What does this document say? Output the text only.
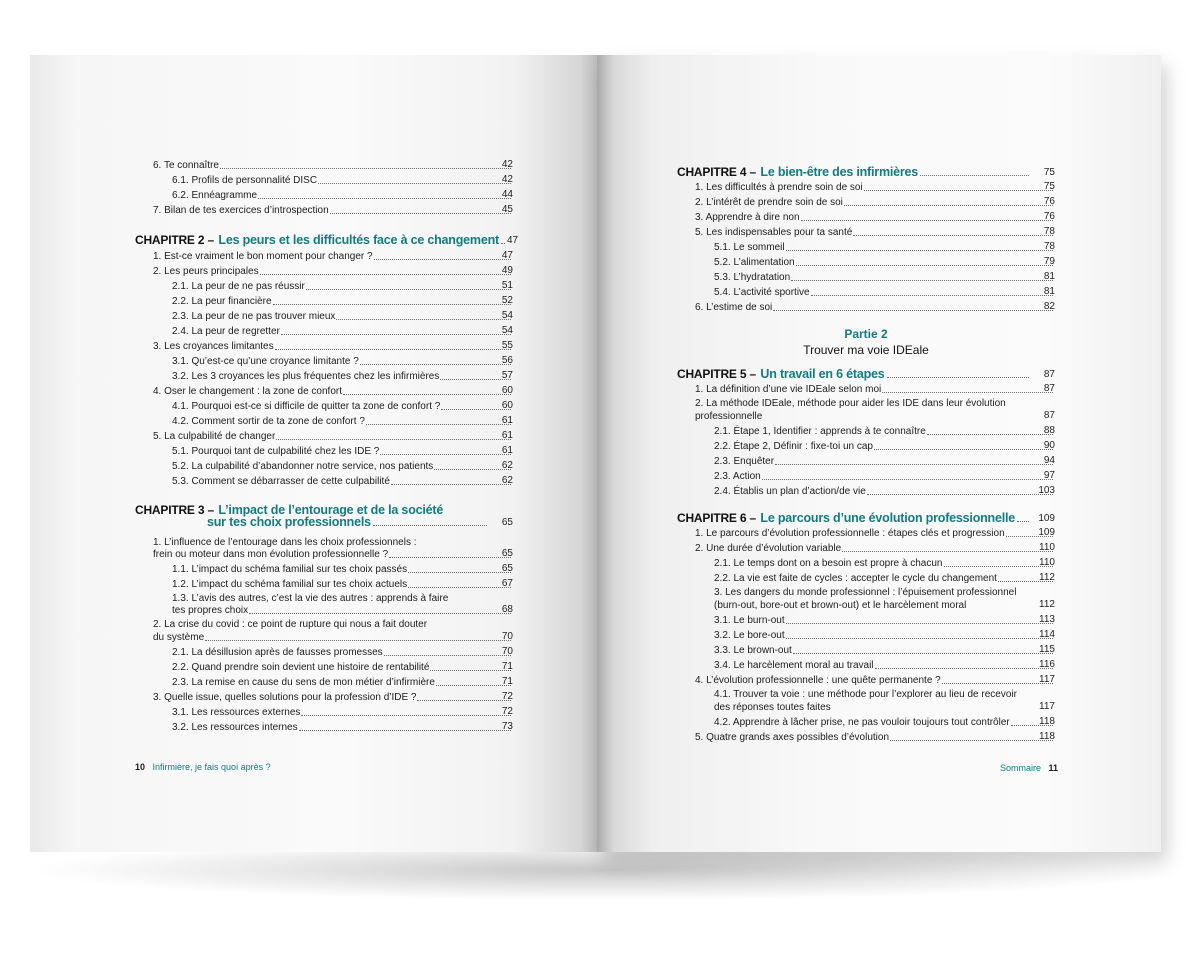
6. Te connaître	42
6.1. Profils de personnalité DISC	42
6.2. Ennéagramme	44
7. Bilan de tes exercices d’introspection	45
CHAPITRE 2 –
Les peurs et les difficultés face à ce changement 47
1. Est-ce vraiment le bon moment pour changer ?	47
2. Les peurs principales	49
2.1. La peur de ne pas réussir	51
2.2. La peur financière	52
2.3. La peur de ne pas trouver mieux	54
2.4. La peur de regretter	54
3. Les croyances limitantes	55
3.1. Qu’est-ce qu’une croyance limitante ?	56
3.2. Les 3 croyances les plus fréquentes chez les infirmières	57
4. Oser le changement : la zone de confort	60
4.1. Pourquoi est-ce si difficile de quitter ta zone de confort ?	60
4.2. Comment sortir de ta zone de confort ?	61
5. La culpabilité de changer	61
5.1. Pourquoi tant de culpabilité chez les IDE ?	61
5.2. La culpabilité d’abandonner notre service, nos patients	62
5.3. Comment se débarrasser de cette culpabilité	62
CHAPITRE 3 –
L’impact de l’entourage et de la société
sur tes choix professionnels	65
1. L’influence de l’entourage dans les choix professionnels :
frein ou moteur dans mon évolution professionnelle ?	65
1.1. L’impact du schéma familial sur tes choix passés	65
1.2. L’impact du schéma familial sur tes choix actuels	67
1.3. L’avis des autres, c’est la vie des autres : apprends à faire
tes propres choix	68
2. La crise du covid : ce point de rupture qui nous a fait douter
du système	70
2.1. La désillusion après de fausses promesses	70
2.2. Quand prendre soin devient une histoire de rentabilité	71
2.3. La remise en cause du sens de mon métier d’infirmière	71
3. Quelle issue, quelles solutions pour la profession d’IDE ?	72
3.1. Les ressources externes	72
3.2. Les ressources internes	73
10 Infirmière, je fais quoi après ?
CHAPITRE 4 –
Le bien-être des infirmières	75
1. Les difficultés à prendre soin de soi	75
2. L’intérêt de prendre soin de soi	76
3. Apprendre à dire non	76
5. Les indispensables pour ta santé	78
5.1. Le sommeil	78
5.2. L’alimentation	79
5.3. L’hydratation	81
5.4. L’activité sportive	81
6. L’estime de soi	82
Partie 2
Trouver ma voie IDEale
CHAPITRE 5 –
Un travail en 6 étapes	87
1. La définition d’une vie IDEale selon moi	87
2. La méthode IDEale, méthode pour aider les IDE dans leur évolution
professionnelle	87
2.1. Étape 1, Identifier : apprends à te connaître	88
2.2. Étape 2, Définir : fixe-toi un cap	90
2.3. Enquêter	94
2.3. Action	97
2.4. Établis un plan d’action/de vie	103
CHAPITRE 6 –
Le parcours d’une évolution professionnelle	109
1. Le parcours d’évolution professionnelle : étapes clés et progression	109
2. Une durée d’évolution variable	110
2.1. Le temps dont on a besoin est propre à chacun	110
2.2. La vie est faite de cycles : accepter le cycle du changement	112
3. Les dangers du monde professionnel : l’épuisement professionnel
(burn-out, bore-out et brown-out) et le harcèlement moral	112
3.1. Le burn-out	113
3.2. Le bore-out	114
3.3. Le brown-out	115
3.4. Le harcèlement moral au travail	116
4. L’évolution professionnelle : une quête permanente ?	117
4.1. Trouver ta voie : une méthode pour l’explorer au lieu de recevoir
des réponses toutes faites	117
4.2. Apprendre à lâcher prise, ne pas vouloir toujours tout contrôler	118
5. Quatre grands axes possibles d’évolution	118
Sommaire 11
